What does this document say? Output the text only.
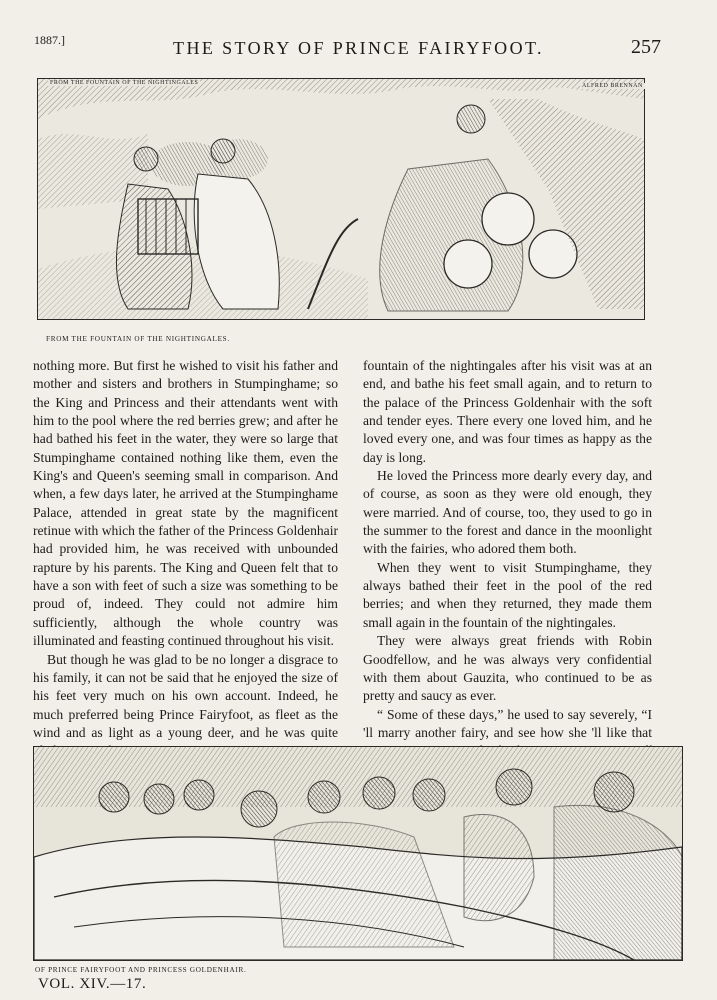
1887.]	THE STORY OF PRINCE FAIRYFOOT.	257
FROM THE FOUNTAIN OF THE NIGHTINGALES	ALFRED BRENNAN
FROM THE FOUNTAIN OF THE NIGHTINGALES.

nothing more. But first he wished to visit his father and mother and sisters and brothers in Stumpinghame; so the King and Princess and their attendants went with him to the pool where the red berries grew; and after he had bathed his feet in the water, they were so large that Stumpinghame contained nothing like them, even the King's and Queen's seeming small in comparison. And when, a few days later, he arrived at the Stumpinghame Palace, attended in great state by the magnificent retinue with which the father of the Princess Goldenhair had provided him, he was received with unbounded rapture by his parents. The King and Queen felt that to have a son with feet of such a size was something to be proud of, indeed. They could not admire him sufficiently, although the whole country was illuminated and feasting continued throughout his visit.

But though he was glad to be no longer a disgrace to his family, it can not be said that he enjoyed the size of his feet very much on his own account. Indeed, he much preferred being Prince Fairyfoot, as fleet as the wind and as light as a young deer, and he was quite

fountain of the nightingales after his visit was at an end, and bathe his feet small again, and to return to the palace of the Princess Goldenhair with the soft and tender eyes. There every one loved him, and he loved every one, and was four times as happy as the day is long.

He loved the Princess more dearly every day, and of course, as soon as they were old enough, they were married. And of course, too, they used to go in the summer to the forest and dance in the moonlight with the fairies, who adored them both.

When they went to visit Stumpinghame, they always bathed their feet in the pool of the red berries; and when they returned, they made them small again in the fountain of the nightingales.

They were always great friends with Robin Goodfellow, and he was always very confidential with them about Gauzita, who continued to be as pretty and saucy as ever.

“ Some of these days,” he used to say severely, “I 'll marry another fairy, and see how she 'll like that

OF PRINCE FAIRYFOOT AND PRINCESS GOLDENHAIR.
VOL. XIV.—17.
